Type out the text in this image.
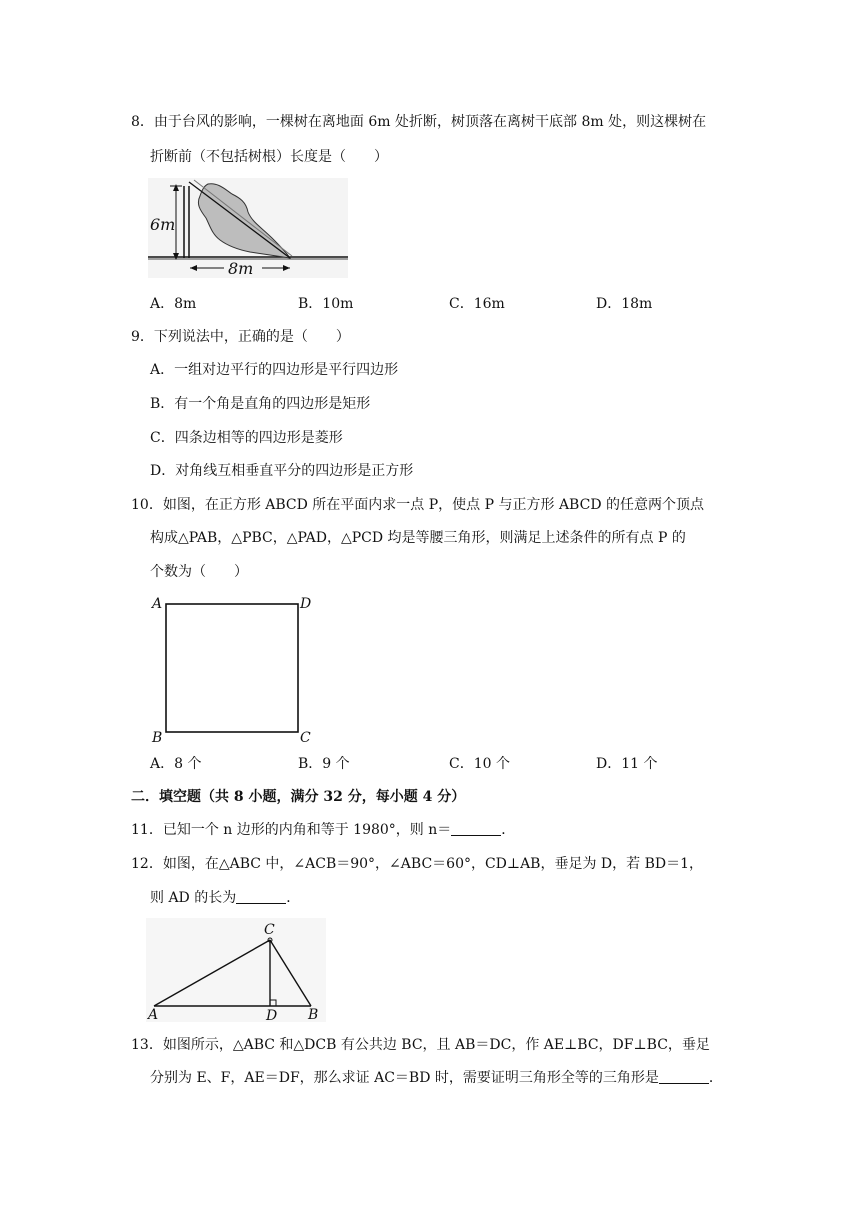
8．由于台风的影响，一棵树在离地面 6m 处折断，树顶落在离树干底部 8m 处，则这棵树在
折断前（不包括树根）长度是（　　）
6m
8m
A．8m	B．10m	C．16m	D．18m
9．下列说法中，正确的是（　　）
A．一组对边平行的四边形是平行四边形
B．有一个角是直角的四边形是矩形
C．四条边相等的四边形是菱形
D．对角线互相垂直平分的四边形是正方形
10．如图，在正方形 ABCD 所在平面内求一点 P，使点 P 与正方形 ABCD 的任意两个顶点
构成△PAB，△PBC，△PAD，△PCD 均是等腰三角形，则满足上述条件的所有点 P 的
个数为（　　）
A	D
B	C
A．8 个	B．9 个	C．10 个	D．11 个
二．填空题（共 8 小题，满分 32 分，每小题 4 分）
11．已知一个 n 边形的内角和等于 1980°，则 n＝	．
12．如图，在△ABC 中，∠ACB＝90°，∠ABC＝60°，CD⊥AB，垂足为 D，若 BD＝1，
则 AD 的长为	．
C
A	D B
13．如图所示，△ABC 和△DCB 有公共边 BC，且 AB＝DC，作 AE⊥BC，DF⊥BC，垂足
分别为 E、F，AE＝DF，那么求证 AC＝BD 时，需要证明三角形全等的三角形是	．
